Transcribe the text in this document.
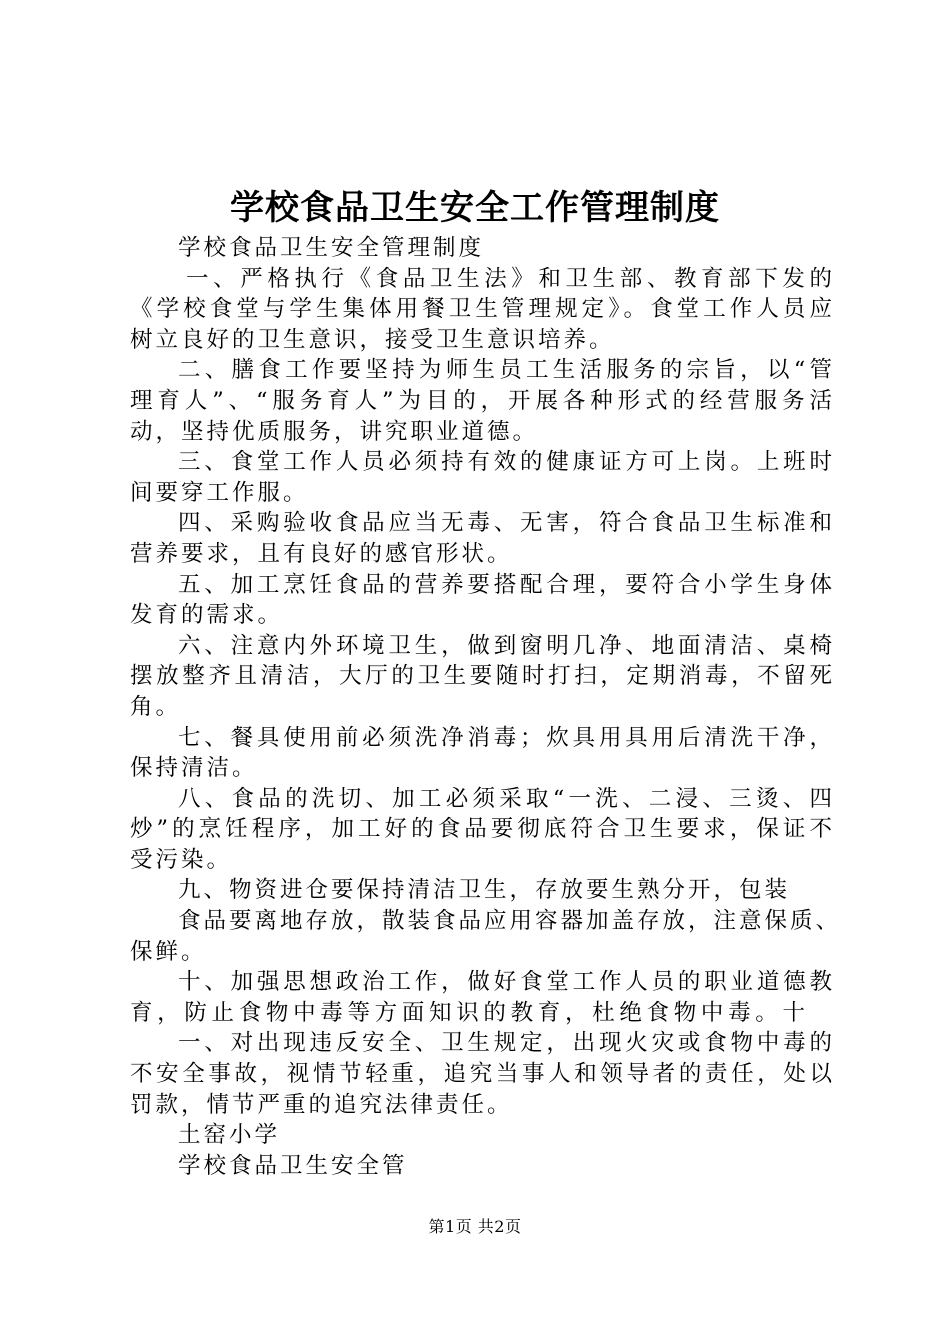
学校食品卫生安全工作管理制度
学校食品卫生安全管理制度
一、严格执行《食品卫生法》和卫生部、教育部下发的
《学校食堂与学生集体用餐卫生管理规定》。食堂工作人员应
树立良好的卫生意识，接受卫生意识培养。
二、膳食工作要坚持为师生员工生活服务的宗旨，以“管
理育人”、“服务育人”为目的，开展各种形式的经营服务活
动，坚持优质服务，讲究职业道德。
三、食堂工作人员必须持有效的健康证方可上岗。上班时
间要穿工作服。
四、采购验收食品应当无毒、无害，符合食品卫生标准和
营养要求，且有良好的感官形状。
五、加工烹饪食品的营养要搭配合理，要符合小学生身体
发育的需求。
六、注意内外环境卫生，做到窗明几净、地面清洁、桌椅
摆放整齐且清洁，大厅的卫生要随时打扫，定期消毒，不留死
角。
七、餐具使用前必须洗净消毒；炊具用具用后清洗干净，
保持清洁。
八、食品的洗切、加工必须采取“一洗、二浸、三烫、四
炒”的烹饪程序，加工好的食品要彻底符合卫生要求，保证不
受污染。
九、物资进仓要保持清洁卫生，存放要生熟分开，包装
食品要离地存放，散装食品应用容器加盖存放，注意保质、
保鲜。
十、加强思想政治工作，做好食堂工作人员的职业道德教
育，防止食物中毒等方面知识的教育，杜绝食物中毒。十
一、对出现违反安全、卫生规定，出现火灾或食物中毒的
不安全事故，视情节轻重，追究当事人和领导者的责任，处以
罚款，情节严重的追究法律责任。
土窑小学
学校食品卫生安全管
第1页 共2页
